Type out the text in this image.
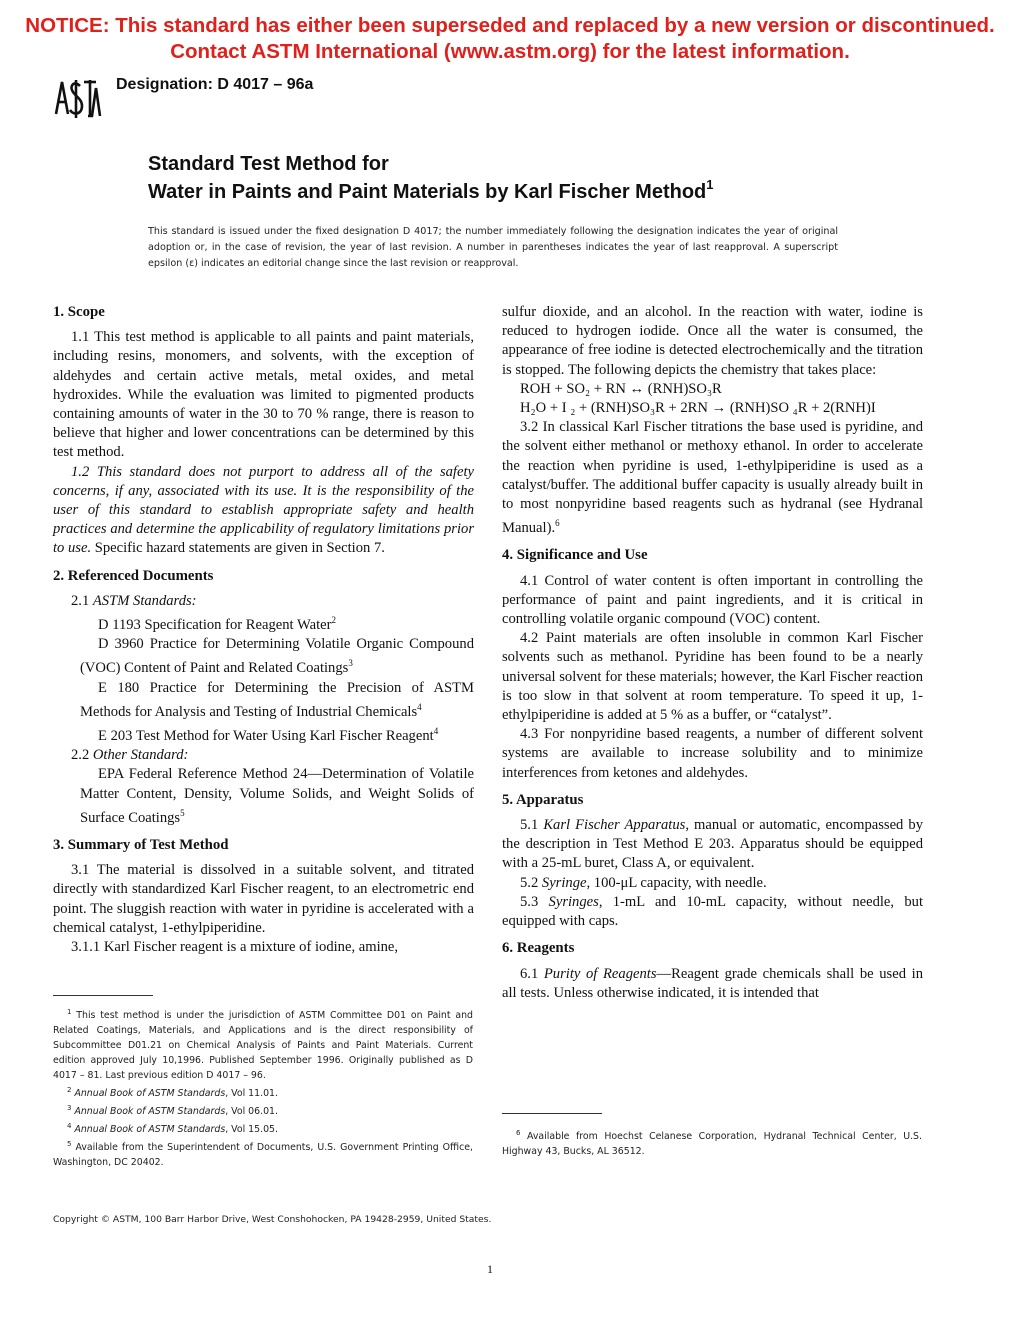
NOTICE: This standard has either been superseded and replaced by a new version or discontinued.
Contact ASTM International (www.astm.org) for the latest information.
Designation: D 4017 – 96a
Standard Test Method for
Water in Paints and Paint Materials by Karl Fischer Method$^1$
This standard is issued under the fixed designation D 4017; the number immediately following the designation indicates the year of original adoption or, in the case of revision, the year of last revision. A number in parentheses indicates the year of last reapproval. A superscript epsilon (ε) indicates an editorial change since the last revision or reapproval.
1. Scope

1.1 This test method is applicable to all paints and paint materials, including resins, monomers, and solvents, with the exception of aldehydes and certain active metals, metal oxides, and metal hydroxides. While the evaluation was limited to pigmented products containing amounts of water in the 30 to 70 % range, there is reason to believe that higher and lower concentrations can be determined by this test method.

1.2 This standard does not purport to address all of the safety concerns, if any, associated with its use. It is the responsibility of the user of this standard to establish appropriate safety and health practices and determine the applicability of regulatory limitations prior to use. Specific hazard statements are given in Section 7.

2. Referenced Documents

2.1 ASTM Standards:

D 1193 Specification for Reagent Water$^2$

D 3960 Practice for Determining Volatile Organic Compound (VOC) Content of Paint and Related Coatings$^3$

E 180 Practice for Determining the Precision of ASTM Methods for Analysis and Testing of Industrial Chemicals$^4$

E 203 Test Method for Water Using Karl Fischer Reagent$^4$

2.2 Other Standard:

EPA Federal Reference Method 24—Determination of Volatile Matter Content, Density, Volume Solids, and Weight Solids of Surface Coatings$^5$

3. Summary of Test Method

3.1 The material is dissolved in a suitable solvent, and titrated directly with standardized Karl Fischer reagent, to an electrometric end point. The sluggish reaction with water in pyridine is accelerated with a chemical catalyst, 1-ethylpiperidine.

3.1.1 Karl Fischer reagent is a mixture of iodine, amine,

sulfur dioxide, and an alcohol. In the reaction with water, iodine is reduced to hydrogen iodide. Once all the water is consumed, the appearance of free iodine is detected electrochemically and the titration is stopped. The following depicts the chemistry that takes place:

ROH + SO₂ + RN ↔ (RNH)SO₃R

H₂O + I ₂ + (RNH)SO₃R + 2RN → (RNH)SO ₄R + 2(RNH)I

3.2 In classical Karl Fischer titrations the base used is pyridine, and the solvent either methanol or methoxy ethanol. In order to accelerate the reaction when pyridine is used, 1-ethylpiperidine is used as a catalyst/buffer. The additional buffer capacity is usually already built in to most nonpyridine based reagents such as hydranal (see Hydranal Manual).$^6$

4. Significance and Use

4.1 Control of water content is often important in controlling the performance of paint and paint ingredients, and it is critical in controlling volatile organic compound (VOC) content.

4.2 Paint materials are often insoluble in common Karl Fischer solvents such as methanol. Pyridine has been found to be a nearly universal solvent for these materials; however, the Karl Fischer reaction is too slow in that solvent at room temperature. To speed it up, 1-ethylpiperidine is added at 5 % as a buffer, or “catalyst”.

4.3 For nonpyridine based reagents, a number of different solvent systems are available to increase solubility and to minimize interferences from ketones and aldehydes.

5. Apparatus

5.1 Karl Fischer Apparatus, manual or automatic, encompassed by the description in Test Method E 203. Apparatus should be equipped with a 25-mL buret, Class A, or equivalent.

5.2 Syringe, 100-μL capacity, with needle.

5.3 Syringes, 1-mL and 10-mL capacity, without needle, but equipped with caps.

6. Reagents

6.1 Purity of Reagents—Reagent grade chemicals shall be used in all tests. Unless otherwise indicated, it is intended that

$^1$ This test method is under the jurisdiction of ASTM Committee D01 on Paint and Related Coatings, Materials, and Applications and is the direct responsibility of Subcommittee D01.21 on Chemical Analysis of Paints and Paint Materials. Current edition approved July 10,1996. Published September 1996. Originally published as D 4017 – 81. Last previous edition D 4017 – 96.

$^2$ Annual Book of ASTM Standards, Vol 11.01.

$^3$ Annual Book of ASTM Standards, Vol 06.01.

$^4$ Annual Book of ASTM Standards, Vol 15.05.

$^5$ Available from the Superintendent of Documents, U.S. Government Printing Office, Washington, DC 20402.

$^6$ Available from Hoechst Celanese Corporation, Hydranal Technical Center, U.S. Highway 43, Bucks, AL 36512.

Copyright © ASTM, 100 Barr Harbor Drive, West Conshohocken, PA 19428-2959, United States.
1
